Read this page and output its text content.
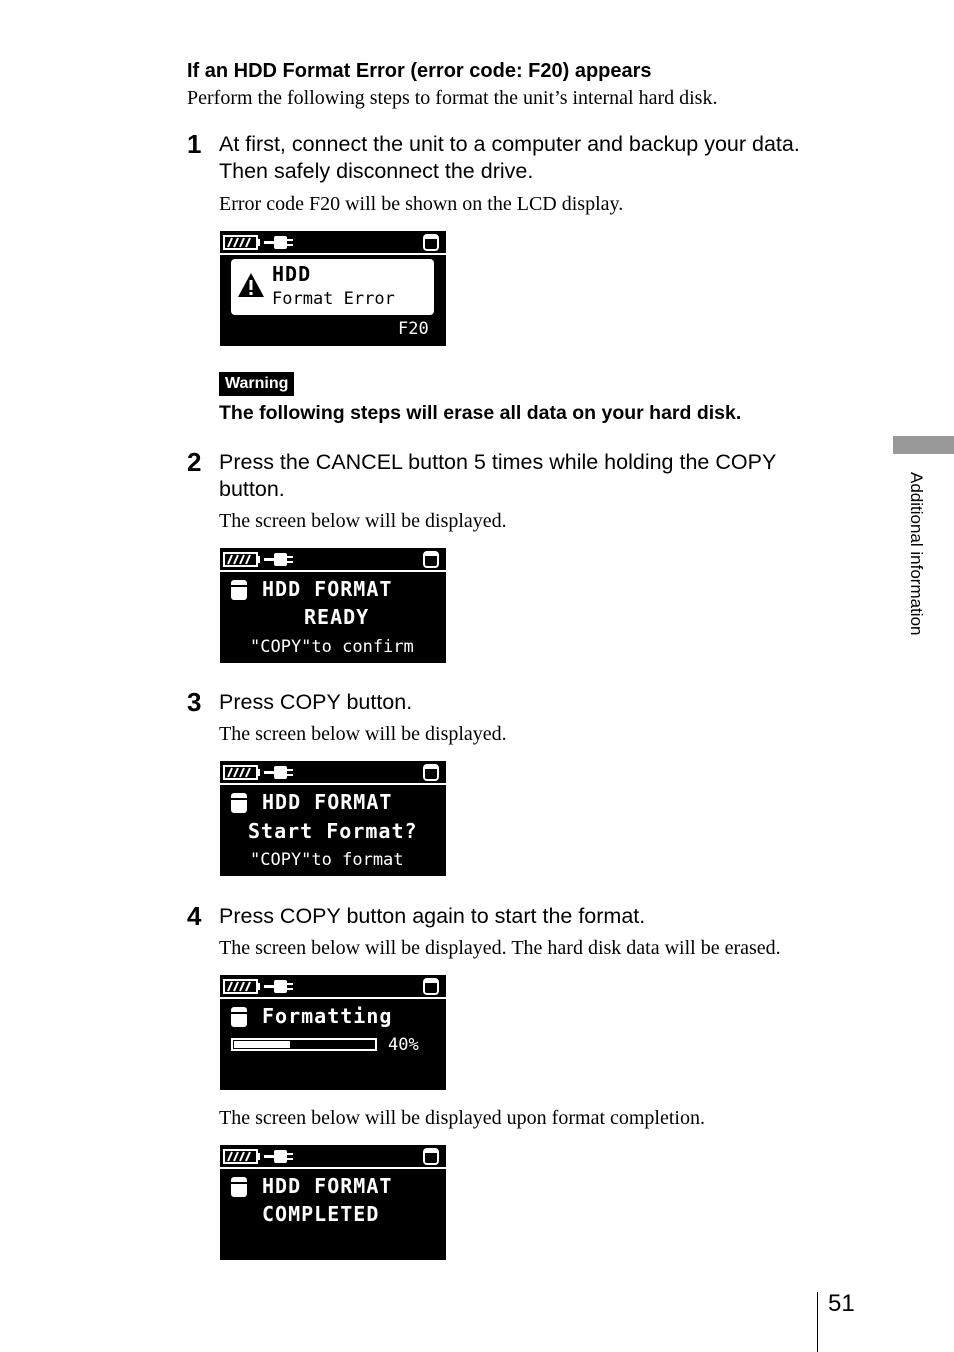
If an HDD Format Error (error code: F20) appears
Perform the following steps to format the unit’s internal hard disk.
1 At first, connect the unit to a computer and backup your data.
Then safely disconnect the drive.
Error code F20 will be shown on the LCD display.
HDD
Format Error
F20
Warning
The following steps will erase all data on your hard disk.
2 Press the CANCEL button 5 times while holding the COPY
button.
The screen below will be displayed.
HDD FORMAT
READY
"COPY"to confirm
3 Press COPY button.
The screen below will be displayed.
HDD FORMAT
Start Format?
"COPY"to format
4 Press COPY button again to start the format.
The screen below will be displayed. The hard disk data will be erased.
Formatting
40%
The screen below will be displayed upon format completion.
HDD FORMAT
COMPLETED
Additional information
51
